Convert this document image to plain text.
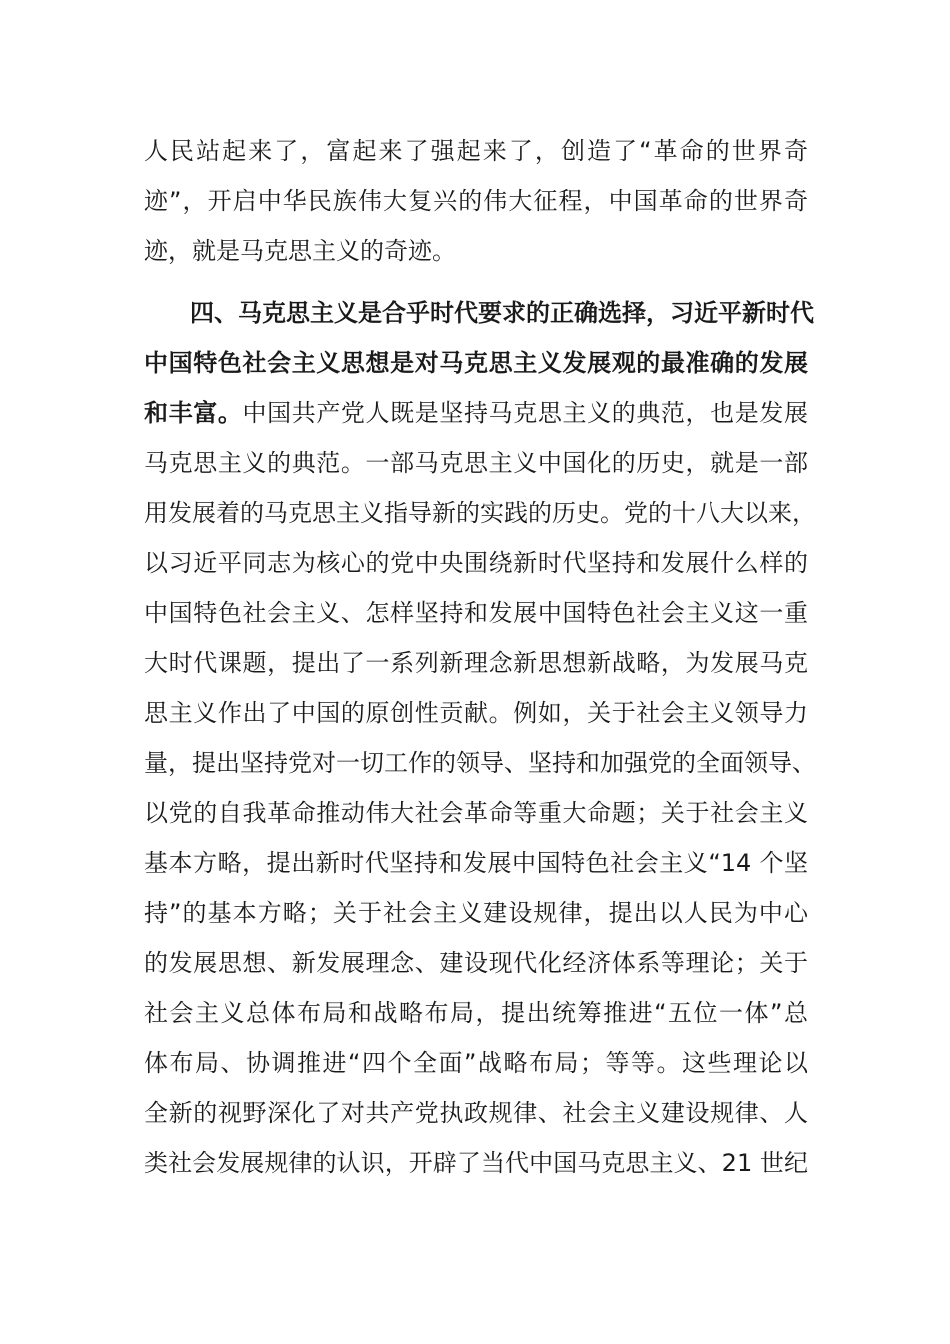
人民站起来了，富起来了强起来了，创造了“革命的世界奇
迹”，开启中华民族伟大复兴的伟大征程，中国革命的世界奇
迹，就是马克思主义的奇迹。
四、马克思主义是合乎时代要求的正确选择，习近平新时代
中国特色社会主义思想是对马克思主义发展观的最准确的发展
和丰富。中国共产党人既是坚持马克思主义的典范，也是发展
马克思主义的典范。一部马克思主义中国化的历史，就是一部
用发展着的马克思主义指导新的实践的历史。党的十八大以来，
以习近平同志为核心的党中央围绕新时代坚持和发展什么样的
中国特色社会主义、怎样坚持和发展中国特色社会主义这一重
大时代课题，提出了一系列新理念新思想新战略，为发展马克
思主义作出了中国的原创性贡献。例如，关于社会主义领导力
量，提出坚持党对一切工作的领导、坚持和加强党的全面领导、
以党的自我革命推动伟大社会革命等重大命题；关于社会主义
基本方略，提出新时代坚持和发展中国特色社会主义“14 个坚
持”的基本方略；关于社会主义建设规律，提出以人民为中心
的发展思想、新发展理念、建设现代化经济体系等理论；关于
社会主义总体布局和战略布局，提出统筹推进“五位一体”总
体布局、协调推进“四个全面”战略布局；等等。这些理论以
全新的视野深化了对共产党执政规律、社会主义建设规律、人
类社会发展规律的认识，开辟了当代中国马克思主义、21 世纪
